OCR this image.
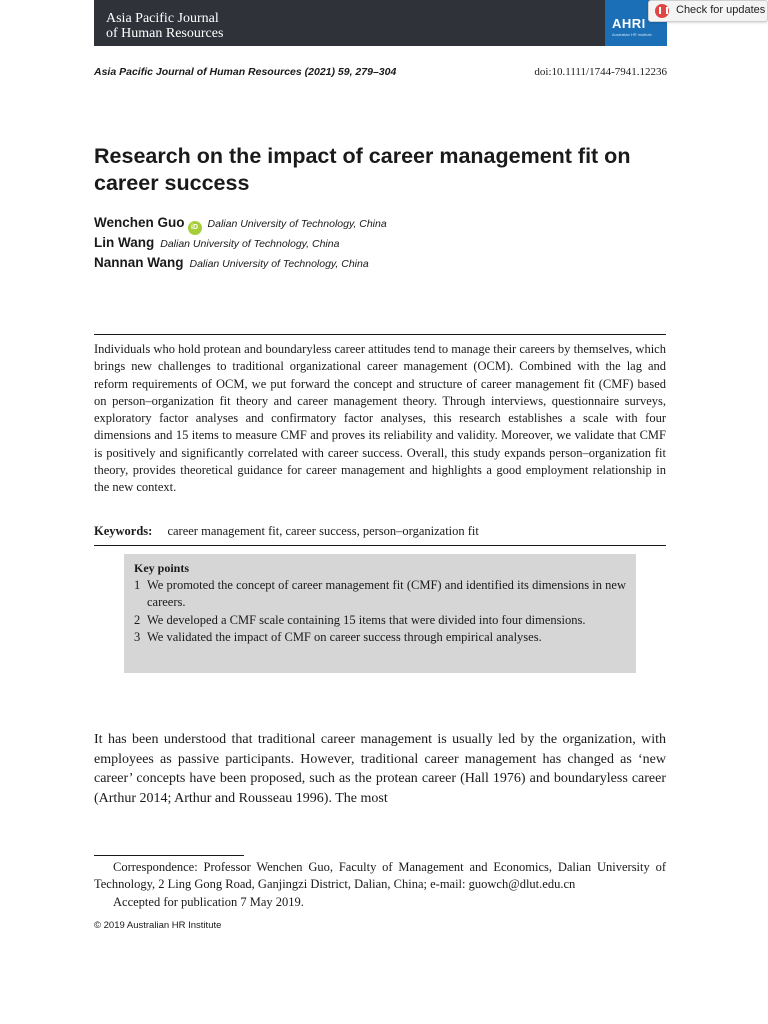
Asia Pacific Journal
of Human Resources
AHRI
Australian HR Institute
Check for updates
Asia Pacific Journal of Human Resources (2021) 59, 279–304	doi:10.1111/1744-7941.12236
Research on the impact of career management fit on career success
Wenchen Guo iD Dalian University of Technology, China
Lin Wang Dalian University of Technology, China
Nannan Wang Dalian University of Technology, China

Individuals who hold protean and boundaryless career attitudes tend to manage their careers by themselves, which brings new challenges to traditional organizational career management (OCM). Combined with the lag and reform requirements of OCM, we put forward the concept and structure of career management fit (CMF) based on person–organization fit theory and career management theory. Through interviews, questionnaire surveys, exploratory factor analyses and confirmatory factor analyses, this research establishes a scale with four dimensions and 15 items to measure CMF and proves its reliability and validity. Moreover, we validate that CMF is positively and significantly correlated with career success. Overall, this study expands person–organization fit theory, provides theoretical guidance for career management and highlights a good employment relationship in the new context.

Keywords: career management fit, career success, person–organization fit
Key points
1 We promoted the concept of career management fit (CMF) and identified its dimensions in new careers.
2 We developed a CMF scale containing 15 items that were divided into four dimensions.
3 We validated the impact of CMF on career success through empirical analyses.

It has been understood that traditional career management is usually led by the organization, with employees as passive participants. However, traditional career management has changed as ‘new career’ concepts have been proposed, such as the protean career (Hall 1976) and boundaryless career (Arthur 2014; Arthur and Rousseau 1996). The most

Correspondence: Professor Wenchen Guo, Faculty of Management and Economics, Dalian University of Technology, 2 Ling Gong Road, Ganjingzi District, Dalian, China; e-mail: guowch@dlut.edu.cn

Accepted for publication 7 May 2019.

© 2019 Australian HR Institute
